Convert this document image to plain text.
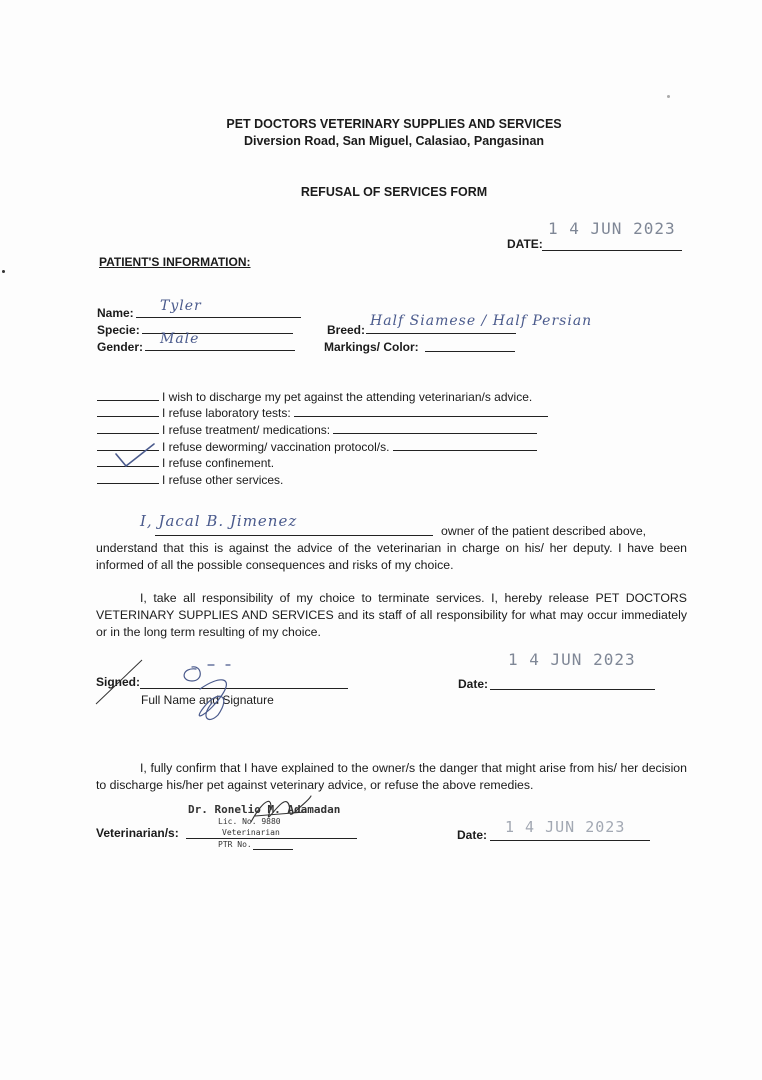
PET DOCTORS VETERINARY SUPPLIES AND SERVICES
Diversion Road, San Miguel, Calasiao, Pangasinan
REFUSAL OF SERVICES FORM
DATE:
1 4 JUN 2023
PATIENT'S INFORMATION:
Name: Tyler
Specie:
Gender: Male
Breed:
Half Siamese / Half Persian
Markings/ Color:
I wish to discharge my pet against the attending veterinarian/s advice.
I refuse laboratory tests:
I refuse treatment/ medications:
I refuse deworming/ vaccination protocol/s.
I refuse confinement.
I refuse other services.
I, Jacal B. Jimenez
owner of the patient described above,
understand that this is against the advice of the veterinarian in charge on his/ her deputy. I have been informed of all the possible consequences and risks of my choice.
I, take all responsibility of my choice to terminate services. I, hereby release PET DOCTORS VETERINARY SUPPLIES AND SERVICES and its staff of all responsibility for what may occur immediately or in the long term resulting of my choice.
Signed:
Full Name and Signature
Date:
1 4 JUN 2023
I, fully confirm that I have explained to the owner/s the danger that might arise from his/ her decision to discharge his/her pet against veterinary advice, or refuse the above remedies.
Veterinarian/s:
Dr. Ronelio M. Adamadan
Lic. No. 9880
Veterinarian
PTR No.
Date: 1 4 JUN 2023
